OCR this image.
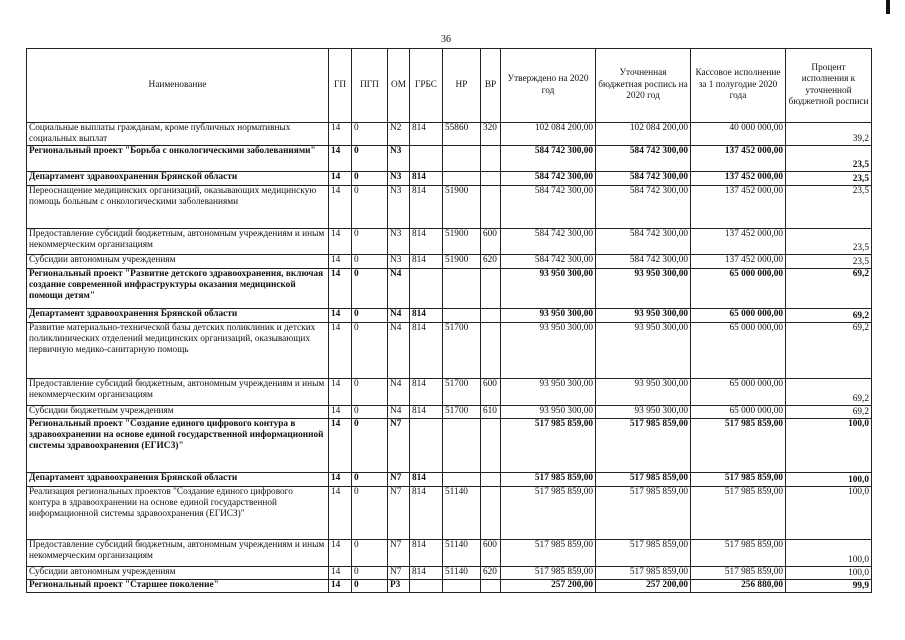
36
Наименование	ГП	ПГП	ОМ	ГРБС	НР	ВР	Утверждено на 2020 год	Уточненная бюджетная роспись на 2020 год	Кассовое исполнение за 1 полугодие 2020 года	Процент исполнения к уточненной бюджетной росписи
Социальные выплаты гражданам, кроме публичных нормативных социальных выплат	14	0	N2	814	55860	320	102 084 200,00	102 084 200,00	40 000 000,00	39,2
Региональный проект "Борьба с онкологическими заболеваниями"	14	0	N3				584 742 300,00	584 742 300,00	137 452 000,00	23,5
Департамент здравоохранения Брянской области	14	0	N3	814			584 742 300,00	584 742 300,00	137 452 000,00	23,5
Переоснащение медицинских организаций, оказывающих медицинскую помощь больным с онкологическими заболеваниями	14	0	N3	814	51900		584 742 300,00	584 742 300,00	137 452 000,00	23,5
Предоставление субсидий бюджетным, автономным учреждениям и иным некоммерческим организациям	14	0	N3	814	51900	600	584 742 300,00	584 742 300,00	137 452 000,00	23,5
Субсидии автономным учреждениям	14	0	N3	814	51900	620	584 742 300,00	584 742 300,00	137 452 000,00	23,5
Региональный проект "Развитие детского здравоохранения, включая создание современной инфраструктуры оказания медицинской помощи детям"	14	0	N4				93 950 300,00	93 950 300,00	65 000 000,00	69,2
Департамент здравоохранения Брянской области	14	0	N4	814			93 950 300,00	93 950 300,00	65 000 000,00	69,2
Развитие материально-технической базы детских поликлиник и детских поликлинических отделений медицинских организаций, оказывающих первичную медико-санитарную помощь	14	0	N4	814	51700		93 950 300,00	93 950 300,00	65 000 000,00	69,2
Предоставление субсидий бюджетным, автономным учреждениям и иным некоммерческим организациям	14	0	N4	814	51700	600	93 950 300,00	93 950 300,00	65 000 000,00	69,2
Субсидии бюджетным учреждениям	14	0	N4	814	51700	610	93 950 300,00	93 950 300,00	65 000 000,00	69,2
Региональный проект "Создание единого цифрового контура в здравоохранении на основе единой государственной информационной системы здравоохранения (ЕГИСЗ)"	14	0	N7				517 985 859,00	517 985 859,00	517 985 859,00	100,0
Департамент здравоохранения Брянской области	14	0	N7	814			517 985 859,00	517 985 859,00	517 985 859,00	100,0
Реализация региональных проектов "Создание единого цифрового контура в здравоохранении на основе единой государственной информационной системы здравоохранения (ЕГИСЗ)"	14	0	N7	814	51140		517 985 859,00	517 985 859,00	517 985 859,00	100,0
Предоставление субсидий бюджетным, автономным учреждениям и иным некоммерческим организациям	14	0	N7	814	51140	600	517 985 859,00	517 985 859,00	517 985 859,00	100,0
Субсидии автономным учреждениям	14	0	N7	814	51140	620	517 985 859,00	517 985 859,00	517 985 859,00	100,0
Региональный проект "Старшее поколение"	14	0	P3				257 200,00	257 200,00	256 880,00	99,9
